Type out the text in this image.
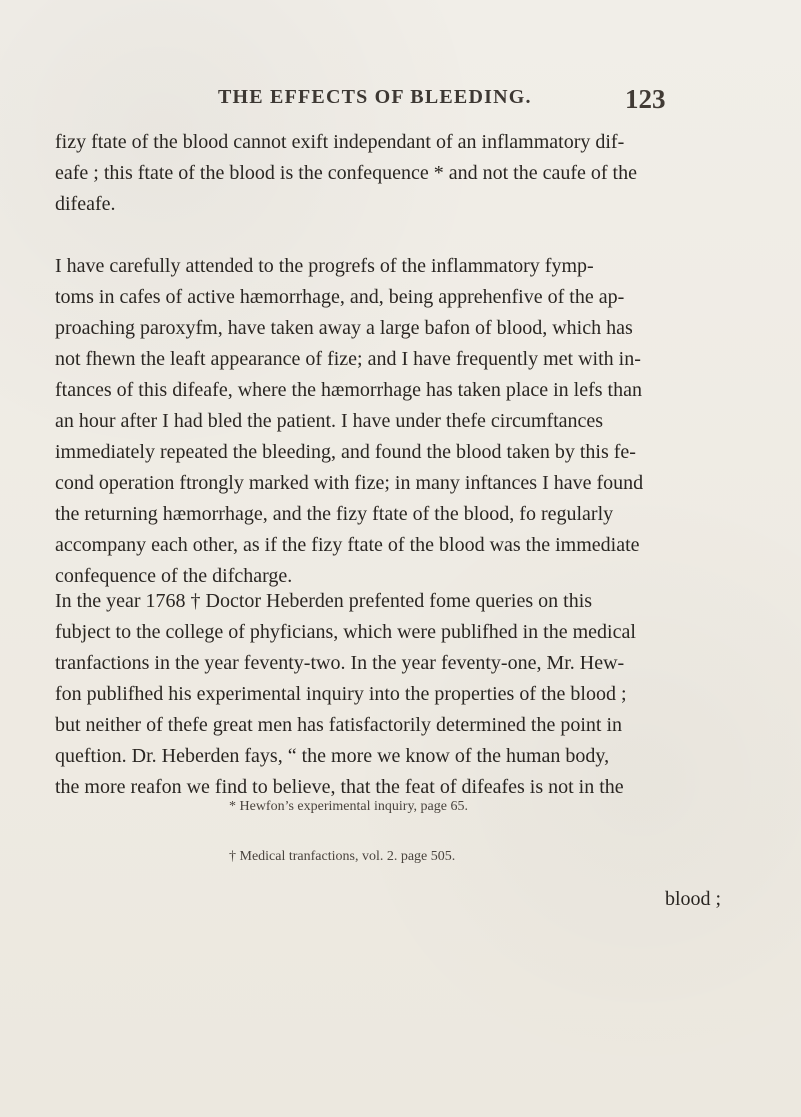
THE EFFECTS OF BLEEDING.	123
fizy ftate of the blood cannot exift independant of an inflammatory dif-
eafe ; this ftate of the blood is the confequence * and not the caufe of the
difeafe.
I have carefully attended to the progrefs of the inflammatory fymp-
toms in cafes of active hæmorrhage, and, being apprehenfive of the ap-
proaching paroxyfm, have taken away a large bafon of blood, which has
not fhewn the leaft appearance of fize; and I have frequently met with in-
ftances of this difeafe, where the hæmorrhage has taken place in lefs than
an hour after I had bled the patient. I have under thefe circumftances
immediately repeated the bleeding, and found the blood taken by this fe-
cond operation ftrongly marked with fize; in many inftances I have found
the returning hæmorrhage, and the fizy ftate of the blood, fo regularly
accompany each other, as if the fizy ftate of the blood was the immediate
confequence of the difcharge.
In the year 1768 † Doctor Heberden prefented fome queries on this
fubject to the college of phyficians, which were publifhed in the medical
tranfactions in the year feventy-two. In the year feventy-one, Mr. Hew-
fon publifhed his experimental inquiry into the properties of the blood ;
but neither of thefe great men has fatisfactorily determined the point in
queftion. Dr. Heberden fays, “ the more we know of the human body,
the more reafon we find to believe, that the feat of difeafes is not in the
* Hewfon’s experimental inquiry, page 65.
† Medical tranfactions, vol. 2. page 505.
blood ;
